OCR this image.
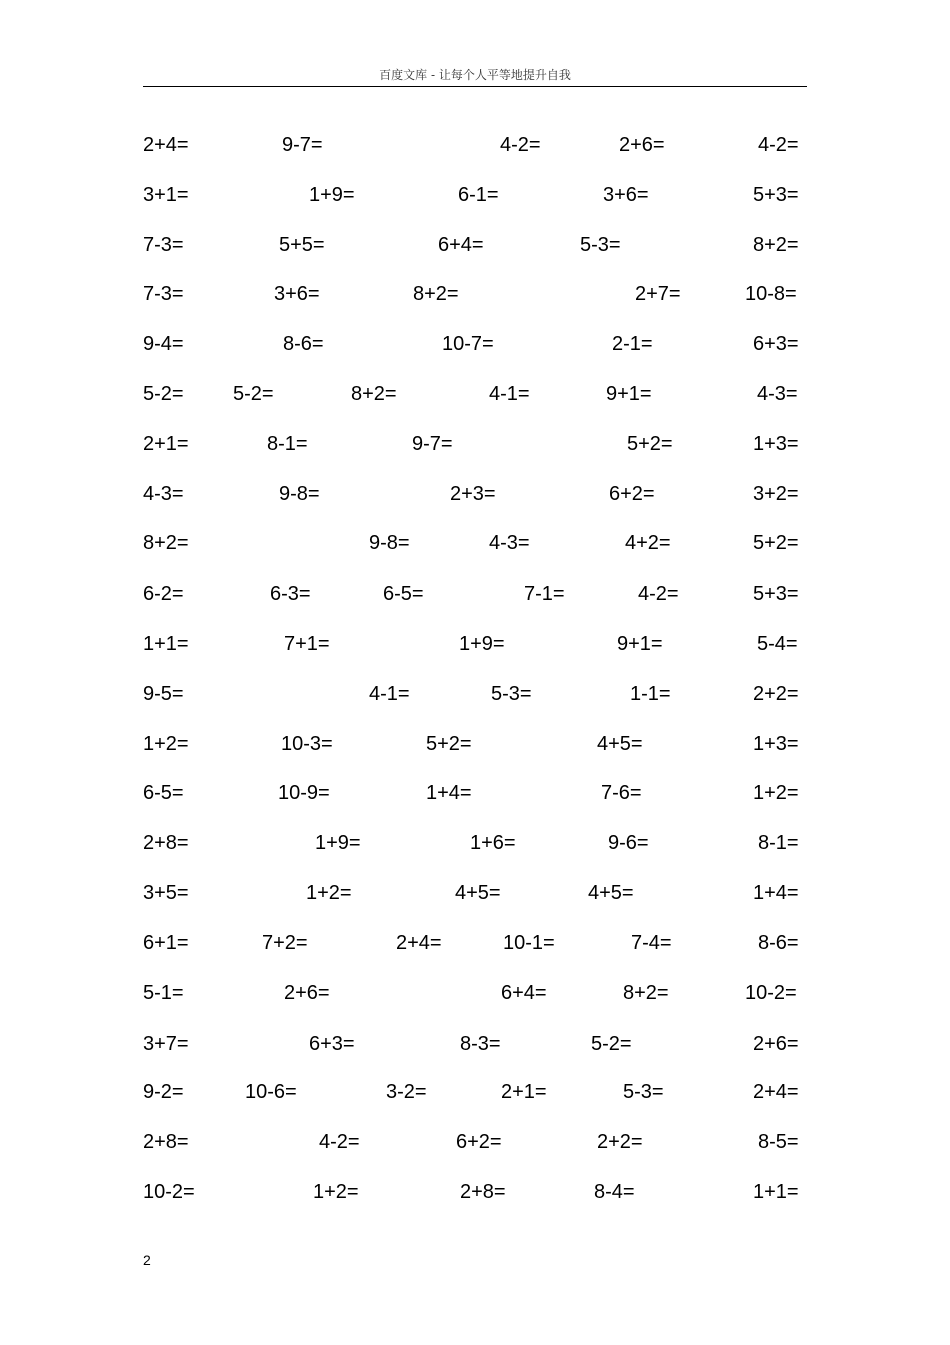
百度文库 - 让每个人平等地提升自我
2+4=	9-7=	4-2=	2+6=	4-2=
3+1=	1+9=	6-1=	3+6=	5+3=
7-3=	5+5=	6+4=	5-3=	8+2=
7-3=	3+6=	8+2=	2+7=	10-8=
9-4=	8-6=	10-7=	2-1=	6+3=
5-2= 5-2=	8+2=	4-1=	9+1=	4-3=
2+1=	8-1=	9-7=	5+2=	1+3=
4-3=	9-8=	2+3=	6+2=	3+2=
8+2=	9-8=	4-3=	4+2=	5+2=
6-2=	6-3=	6-5=	7-1=	4-2=	5+3=
1+1=	7+1=	1+9=	9+1=	5-4=
9-5=	4-1=	5-3=	1-1=	2+2=
1+2=	10-3=	5+2=	4+5=	1+3=
6-5=	10-9=	1+4=	7-6=	1+2=
2+8=	1+9=	1+6=	9-6=	8-1=
3+5=	1+2=	4+5=	4+5=	1+4=
6+1=	7+2=	2+4=	10-1=	7-4=	8-6=
5-1=	2+6=	6+4=	8+2=	10-2=
3+7=	6+3=	8-3=	5-2=	2+6=
9-2=	10-6=	3-2=	2+1=	5-3=	2+4=
2+8=	4-2=	6+2=	2+2=	8-5=
10-2=	1+2=	2+8=	8-4=	1+1=
2
